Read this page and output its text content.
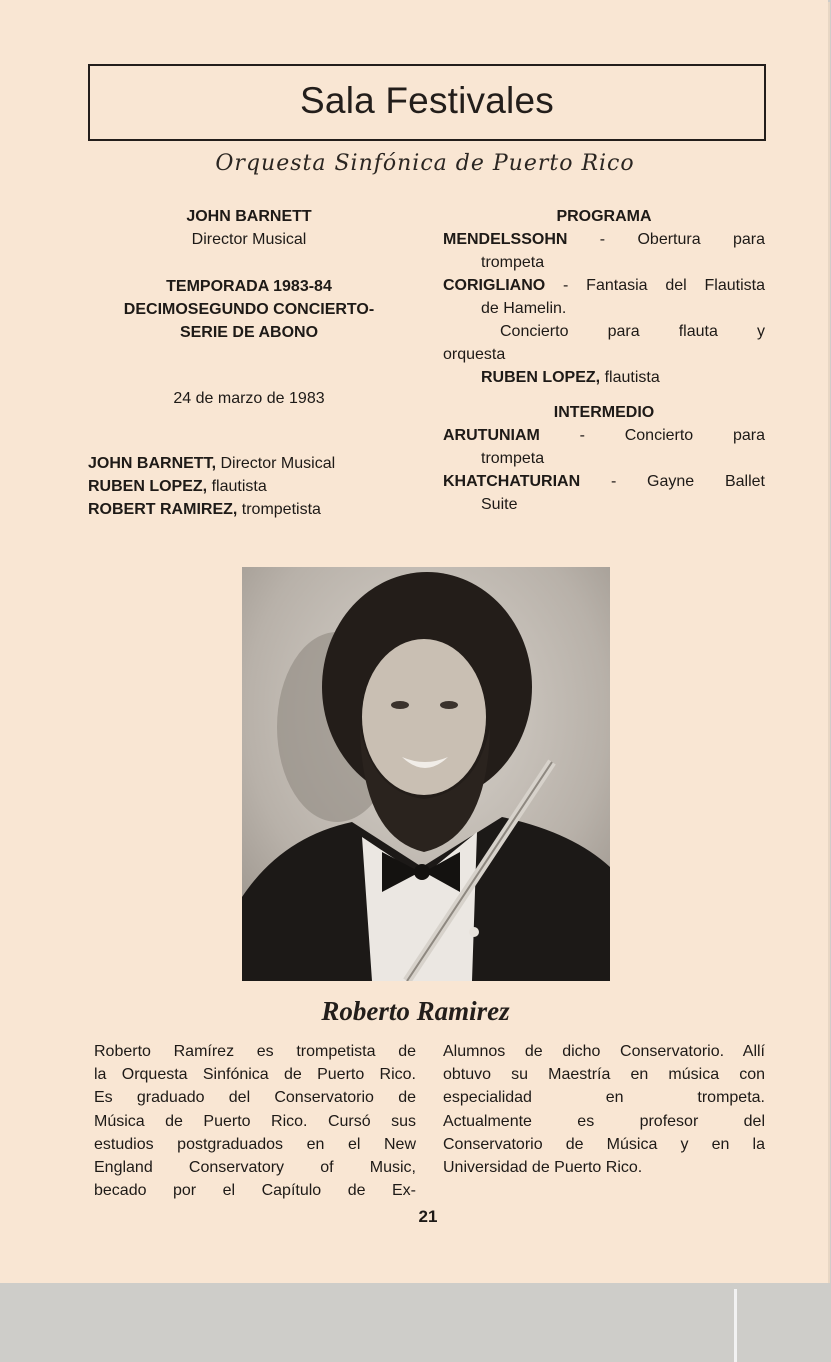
Sala Festivales
Orquesta Sinfónica de Puerto Rico
JOHN BARNETT
Director Musical
TEMPORADA 1983-84
DECIMOSEGUNDO CONCIERTO-
SERIE DE ABONO
24 de marzo de 1983
JOHN BARNETT, Director Musical
RUBEN LOPEZ, flautista
ROBERT RAMIREZ, trompetista
PROGRAMA
MENDELSSOHN - Obertura para
trompeta
CORIGLIANO - Fantasia del Flautista
de Hamelin.
Concierto para flauta y
orquesta
RUBEN LOPEZ, flautista
INTERMEDIO
ARUTUNIAM - Concierto para
trompeta
KHATCHATURIAN - Gayne Ballet
Suite
Roberto Ramirez
Roberto Ramírez es trompetista de
la Orquesta Sinfónica de Puerto Rico.
Es graduado del Conservatorio de
Música de Puerto Rico. Cursó sus
estudios postgraduados en el New
England Conservatory of Music,
becado por el Capítulo de Ex-
Alumnos de dicho Conservatorio. Allí
obtuvo su Maestría en música con
especialidad en trompeta.
Actualmente es profesor del
Conservatorio de Música y en la
Universidad de Puerto Rico.
21
